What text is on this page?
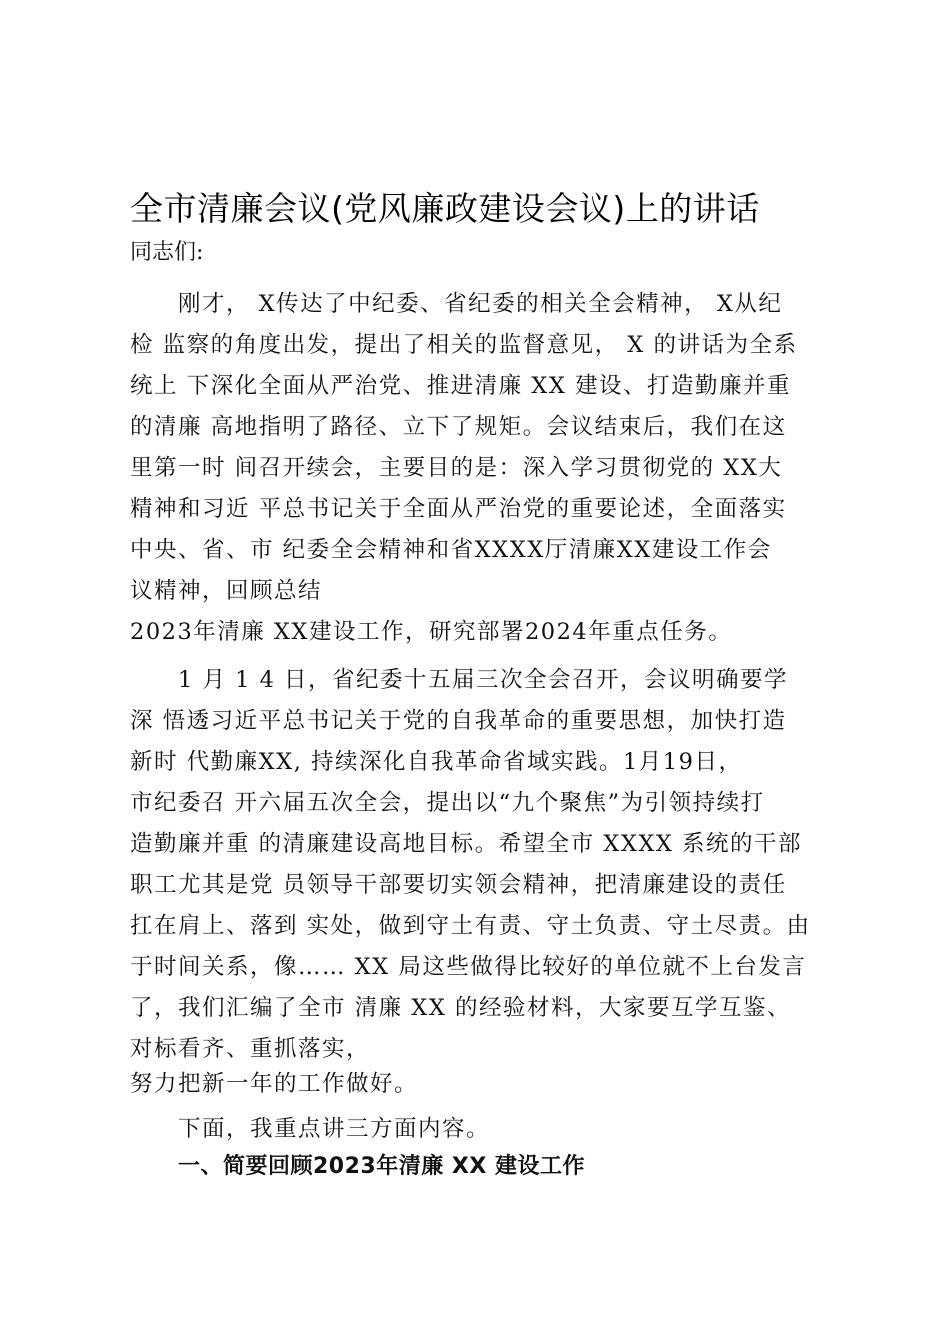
全市清廉会议(党风廉政建设会议)上的讲话
同志们:
　　刚才， X传达了中纪委、省纪委的相关全会精神， X从纪
检 监察的角度出发，提出了相关的监督意见， X 的讲话为全系
统上 下深化全面从严治党、推进清廉 XX 建设、打造勤廉并重
的清廉 高地指明了路径、立下了规矩。会议结束后，我们在这
里第一时 间召开续会，主要目的是：深入学习贯彻党的 XX大
精神和习近 平总书记关于全面从严治党的重要论述，全面落实
中央、省、市 纪委全会精神和省XXXX厅清廉XX建设工作会
议精神，回顾总结
2023年清廉 XX建设工作，研究部署2024年重点任务。
　　1 月 1 4 日，省纪委十五届三次全会召开，会议明确要学
深 悟透习近平总书记关于党的自我革命的重要思想，加快打造
新时 代勤廉XX, 持续深化自我革命省域实践。1月19日，
市纪委召 开六届五次全会，提出以“九个聚焦”为引领持续打
造勤廉并重 的清廉建设高地目标。希望全市 XXXX 系统的干部
职工尤其是党 员领导干部要切实领会精神，把清廉建设的责任
扛在肩上、落到 实处，做到守土有责、守土负责、守土尽责。由
于时间关系，像…… XX 局这些做得比较好的单位就不上台发言
了，我们汇编了全市 清廉 XX 的经验材料，大家要互学互鉴、
对标看齐、重抓落实，
努力把新一年的工作做好。
　　下面，我重点讲三方面内容。
一、简要回顾2023年清廉 XX 建设工作
